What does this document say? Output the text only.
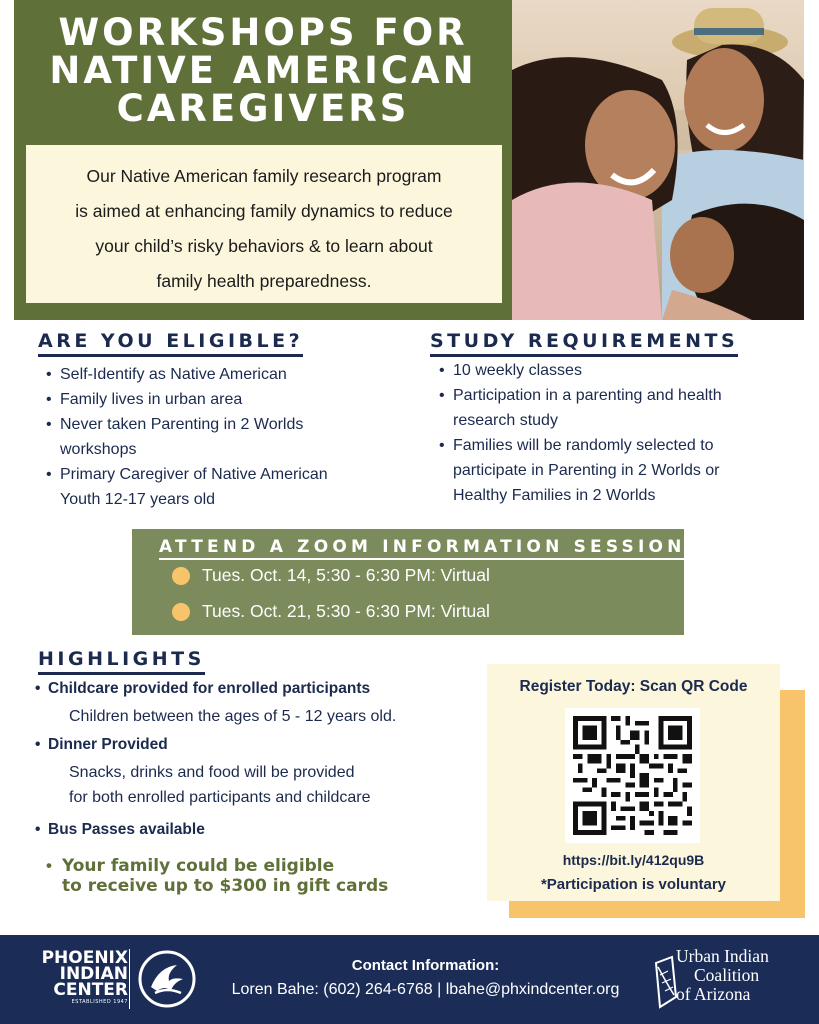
WORKSHOPS FOR
NATIVE AMERICAN
CAREGIVERS
Our Native American family research program
is aimed at enhancing family dynamics to reduce
your child’s risky behaviors & to learn about
family health preparedness.
ARE YOU ELIGIBLE?
• Self-Identify as Native American
• Family lives in urban area
• Never taken Parenting in 2 Worlds
workshops
• Primary Caregiver of Native American
Youth 12-17 years old
STUDY REQUIREMENTS
• 10 weekly classes
• Participation in a parenting and health
research study
• Families will be randomly selected to
participate in Parenting in 2 Worlds or
Healthy Families in 2 Worlds
ATTEND A ZOOM INFORMATION SESSION
Tues. Oct. 14, 5:30 - 6:30 PM: Virtual
Tues. Oct. 21, 5:30 - 6:30 PM: Virtual
HIGHLIGHTS
• Childcare provided for enrolled participants
Children between the ages of 5 - 12 years old.
• Dinner Provided
Snacks, drinks and food will be provided
for both enrolled participants and childcare
• Bus Passes available
• Your family could be eligible
to receive up to $300 in gift cards
Register Today: Scan QR Code
https://bit.ly/412qu9B
*Participation is voluntary
PHOENIX
INDIAN
CENTER
ESTABLISHED 1947
Contact Information:
Loren Bahe: (602) 264-6768 | lbahe@phxindcenter.org
Urban Indian
Coalition
of Arizona
